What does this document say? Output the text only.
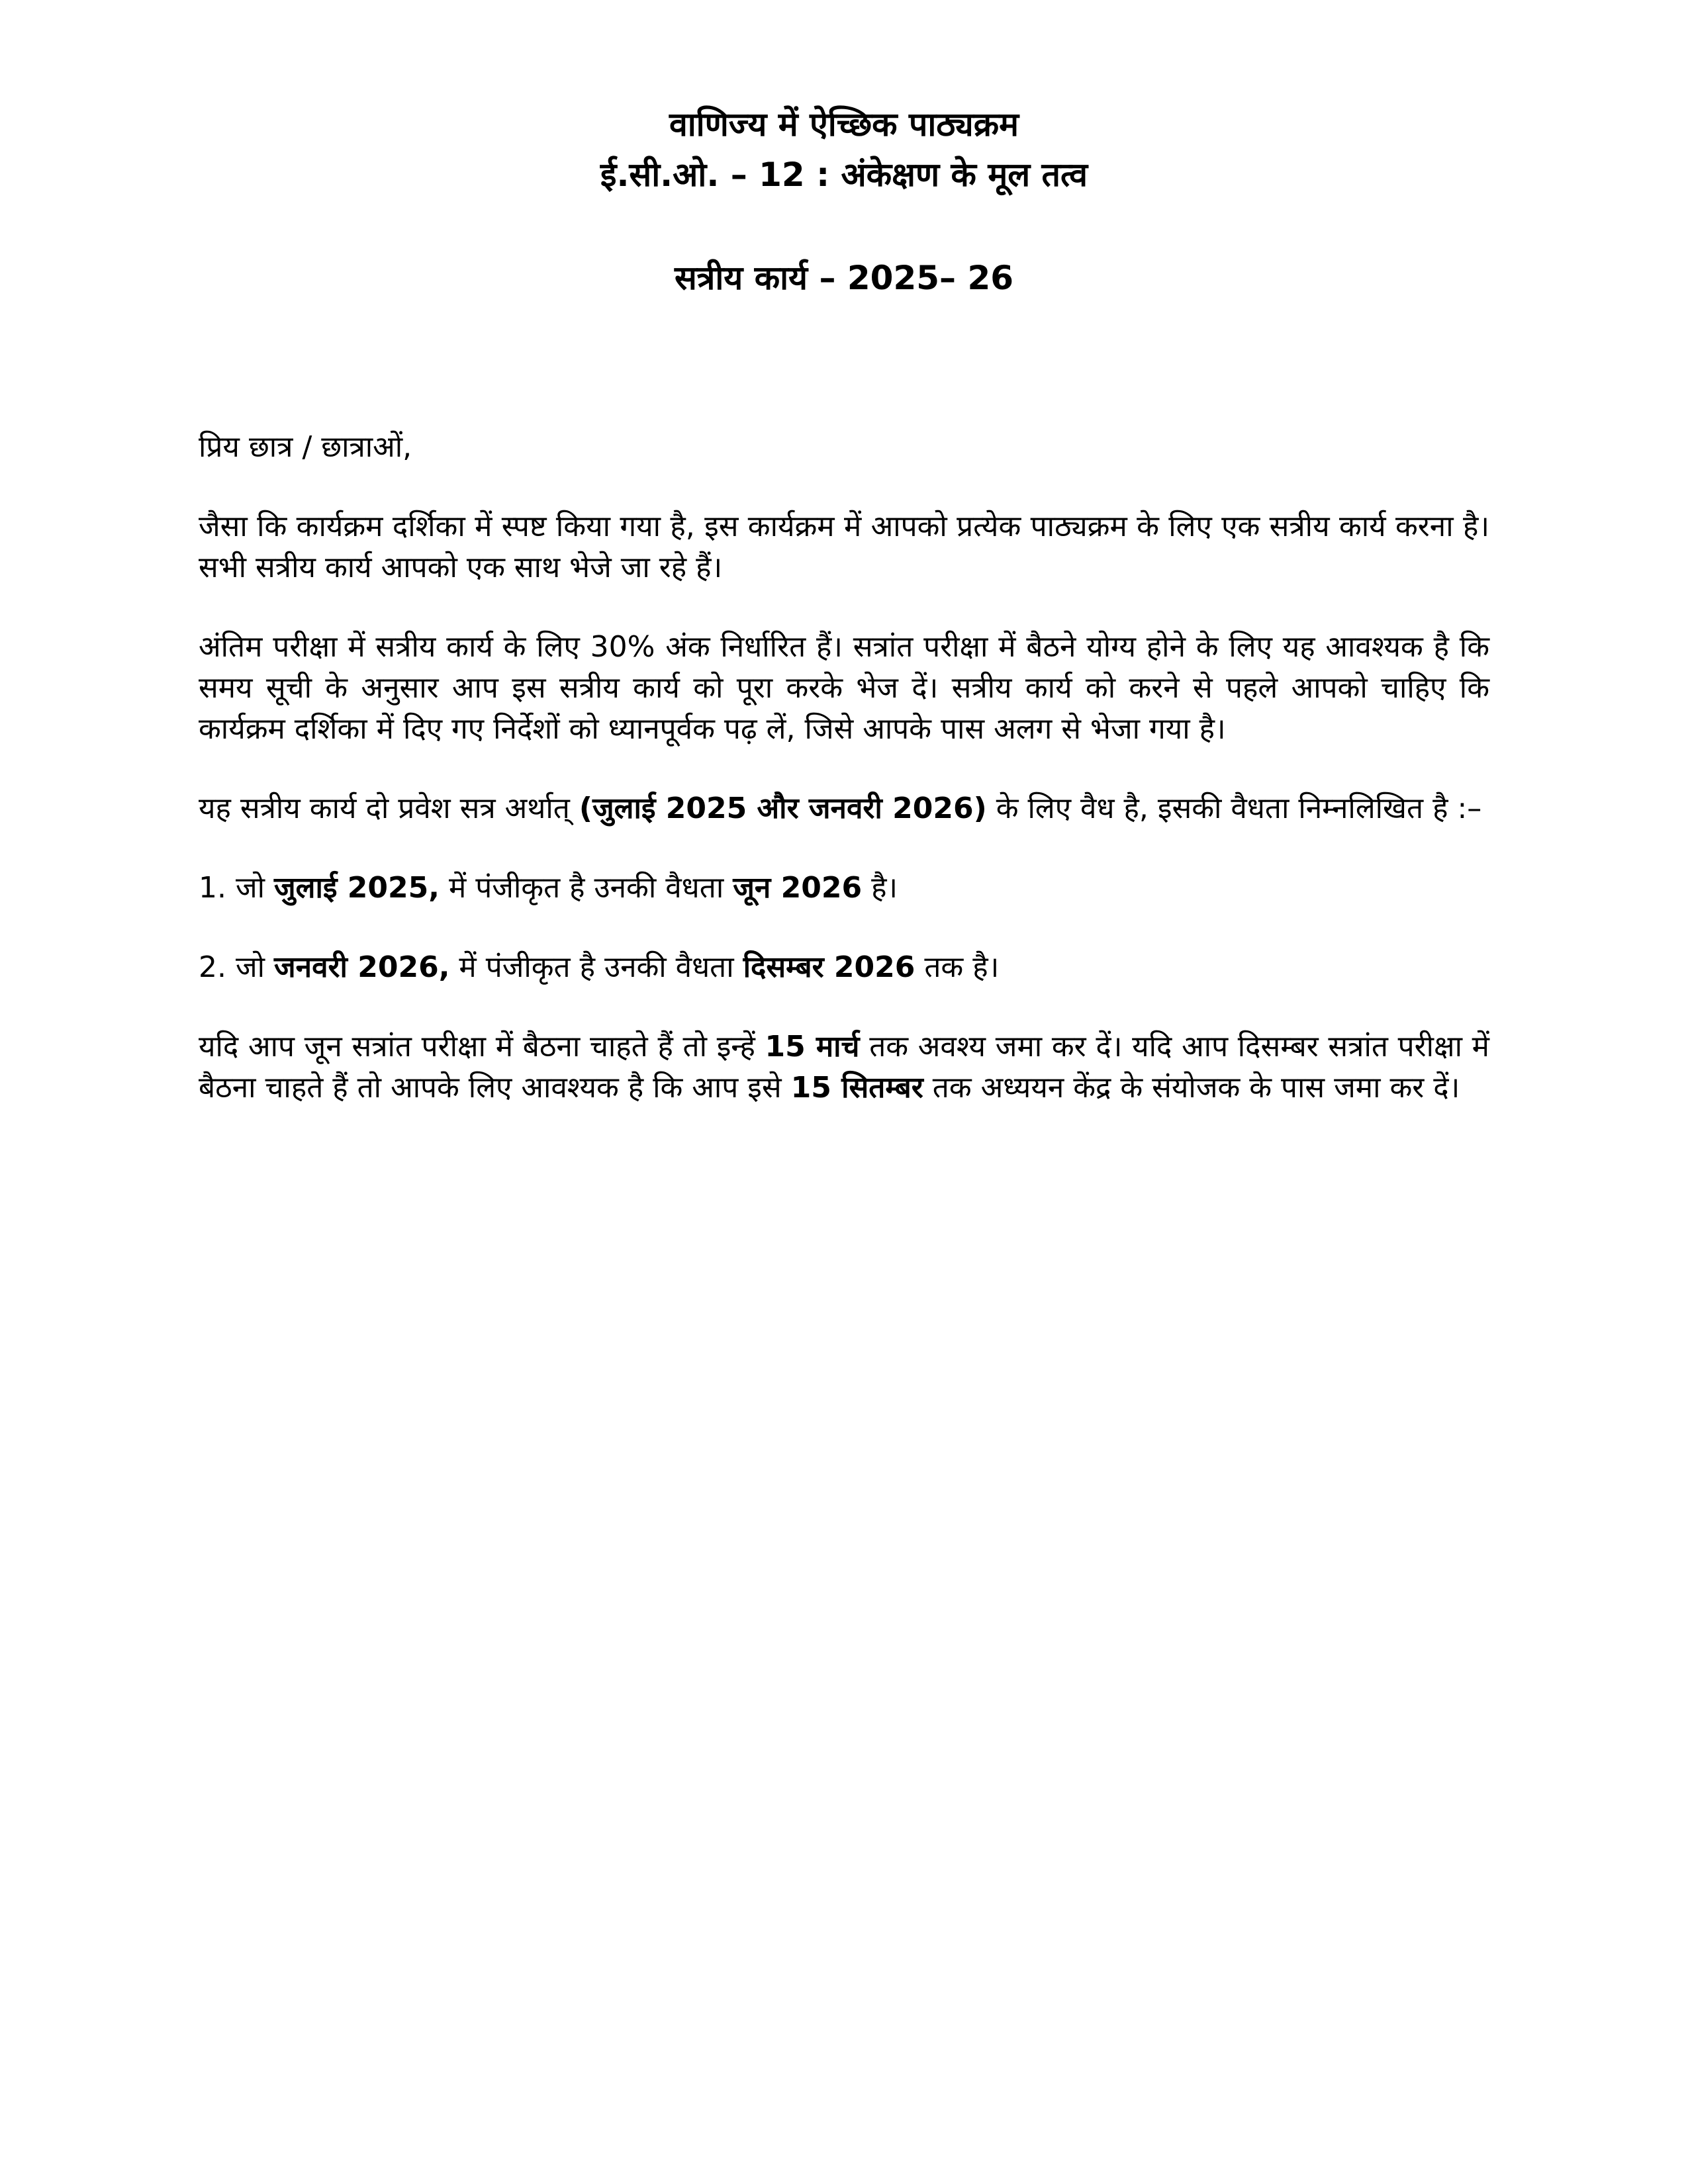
वाणिज्य में ऐच्छिक पाठ्यक्रम

ई.सी.ओ. – 12 : अंकेक्षण के मूल तत्व

सत्रीय कार्य – 2025– 26

प्रिय छात्र / छात्राओं,

जैसा कि कार्यक्रम दर्शिका में स्पष्ट किया गया है, इस कार्यक्रम में आपको प्रत्येक पाठ्यक्रम के लिए एक सत्रीय कार्य करना है। सभी सत्रीय कार्य आपको एक साथ भेजे जा रहे हैं।

अंतिम परीक्षा में सत्रीय कार्य के लिए 30% अंक निर्धारित हैं। सत्रांत परीक्षा में बैठने योग्य होने के लिए यह आवश्यक है कि समय सूची के अनुसार आप इस सत्रीय कार्य को पूरा करके भेज दें। सत्रीय कार्य को करने से पहले आपको चाहिए कि कार्यक्रम दर्शिका में दिए गए निर्देशों को ध्यानपूर्वक पढ़ लें, जिसे आपके पास अलग से भेजा गया है।

यह सत्रीय कार्य दो प्रवेश सत्र अर्थात् (जुलाई 2025 और जनवरी 2026) के लिए वैध है, इसकी वैधता निम्नलिखित है :–

1. जो जुलाई 2025, में पंजीकृत है उनकी वैधता जून 2026 है।

2. जो जनवरी 2026, में पंजीकृत है उनकी वैधता दिसम्बर 2026 तक है।

यदि आप जून सत्रांत परीक्षा में बैठना चाहते हैं तो इन्हें 15 मार्च तक अवश्य जमा कर दें। यदि आप दिसम्बर सत्रांत परीक्षा में बैठना चाहते हैं तो आपके लिए आवश्यक है कि आप इसे 15 सितम्बर तक अध्ययन केंद्र के संयोजक के पास जमा कर दें।
